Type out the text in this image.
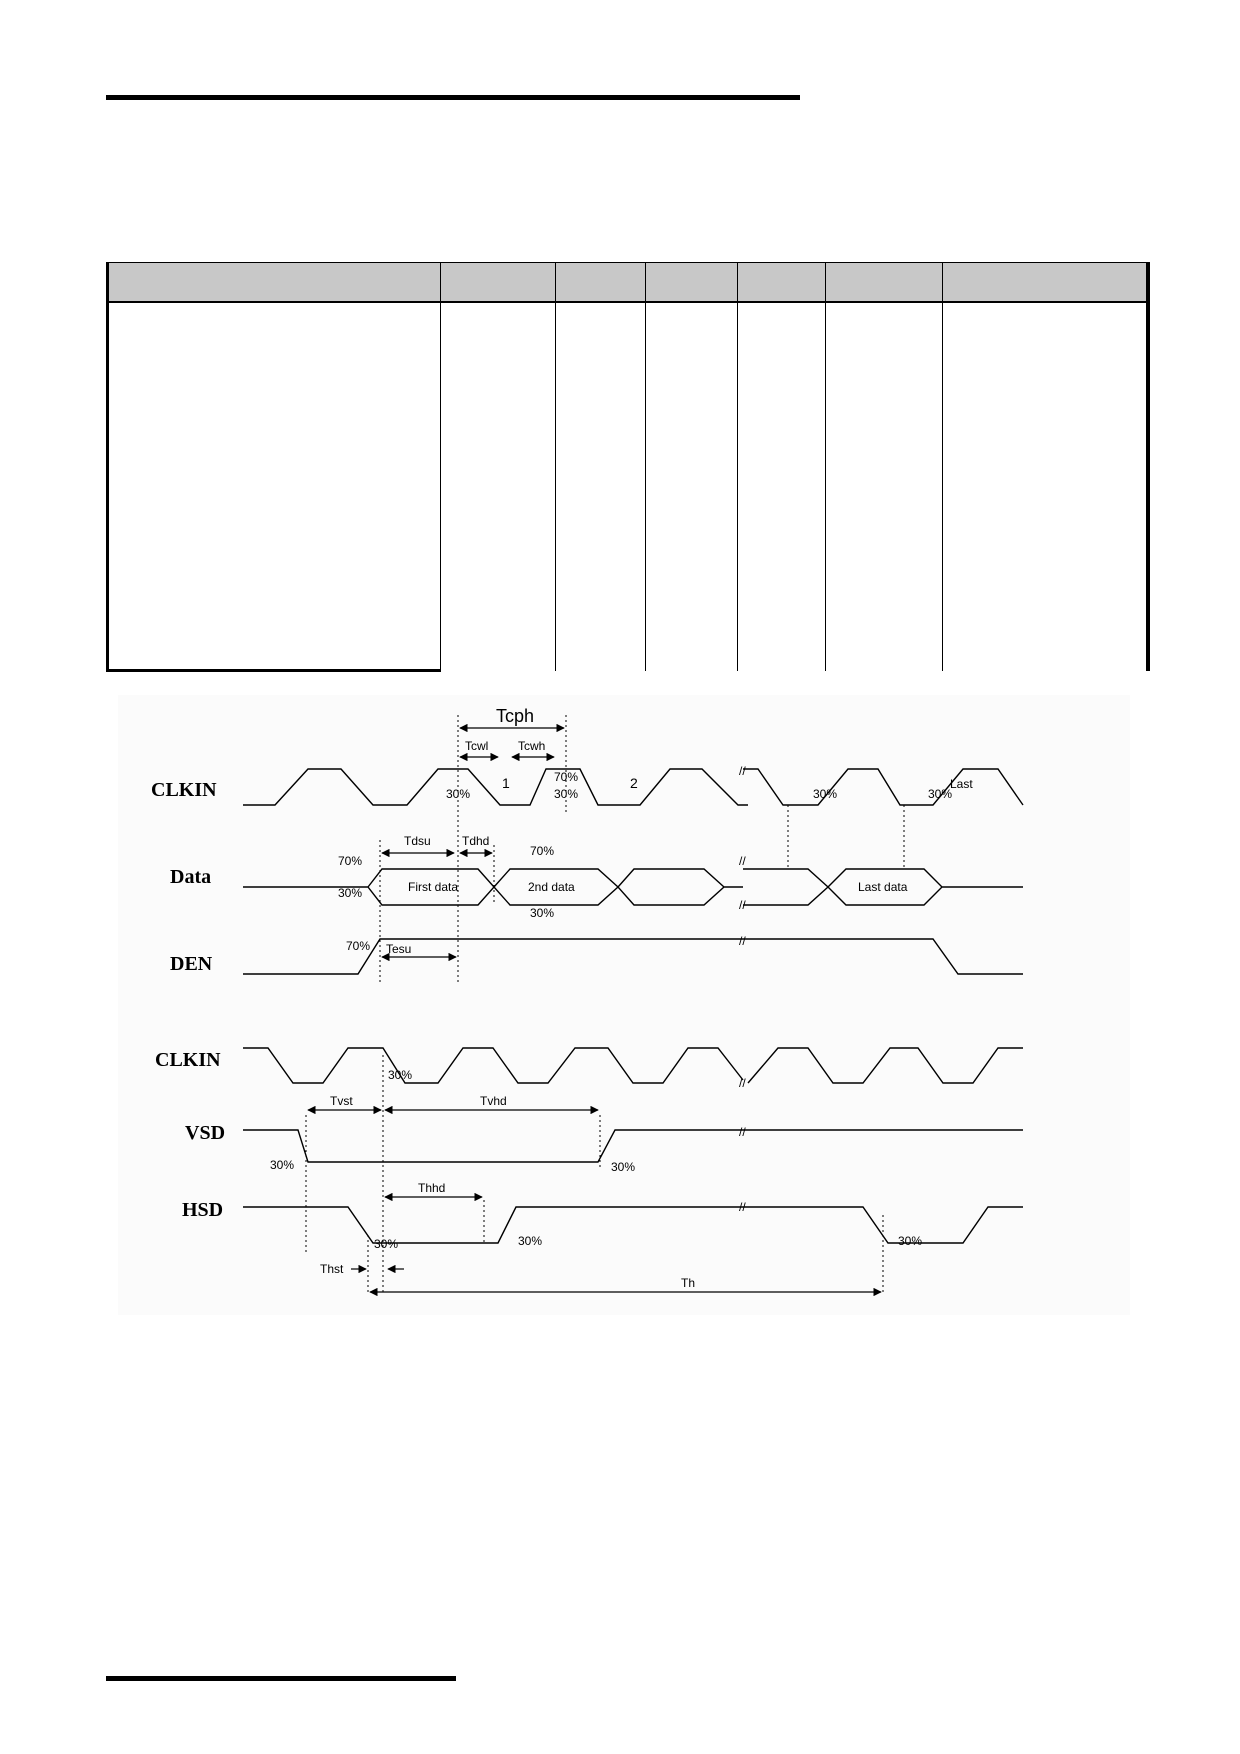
CLKIN
Data
DEN
CLKIN
VSD
HSD
Tcph
Tcwl Tcwh
Tdsu	Tdhd
Tesu
Tvst	Tvhd
Thhd
Thst
Th
1	2	Last
30%
70%
30%	30%	30%
70%
30%
70%
30%
70%
30%
30%	30%
30%	30%	30%
//
//
//
//
//
//
//
First data	2nd data	Last data
